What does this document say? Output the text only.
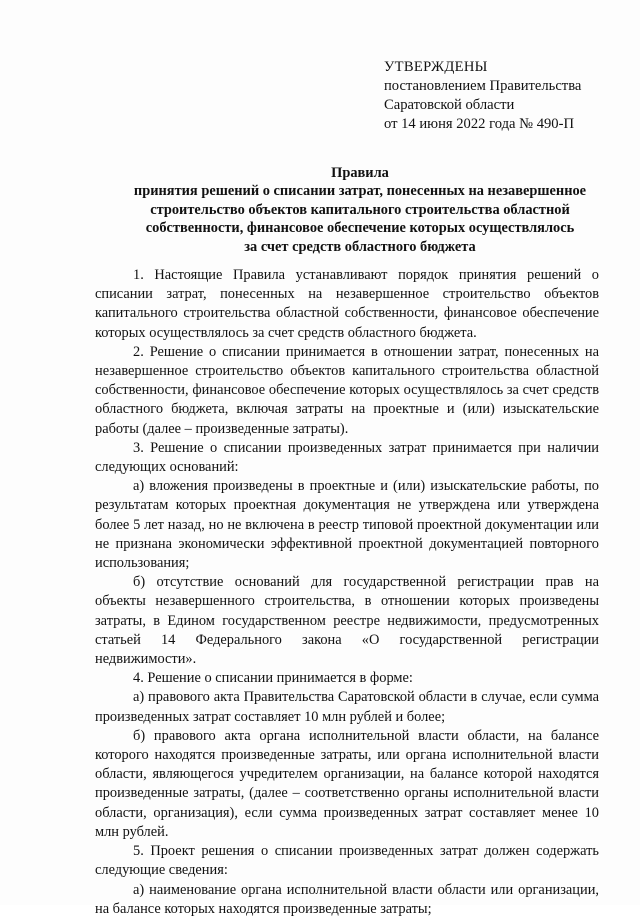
УТВЕРЖДЕНЫ
постановлением Правительства
Саратовской области
от 14 июня 2022 года № 490-П
Правила
принятия решений о списании затрат, понесенных на незавершенное
строительство объектов капитального строительства областной
собственности, финансовое обеспечение которых осуществлялось
за счет средств областного бюджета

1. Настоящие Правила устанавливают порядок принятия решений о списании затрат, понесенных на незавершенное строительство объектов капитального строительства областной собственности, финансовое обеспечение которых осуществлялось за счет средств областного бюджета.

2. Решение о списании принимается в отношении затрат, понесенных на незавершенное строительство объектов капитального строительства областной собственности, финансовое обеспечение которых осуществлялось за счет средств областного бюджета, включая затраты на проектные и (или) изыскательские работы (далее – произведенные затраты).

3. Решение о списании произведенных затрат принимается при наличии следующих оснований:

а) вложения произведены в проектные и (или) изыскательские работы, по результатам которых проектная документация не утверждена или утверждена более 5 лет назад, но не включена в реестр типовой проектной документации или не признана экономически эффективной проектной документацией повторного использования;

б) отсутствие оснований для государственной регистрации прав на объекты незавершенного строительства, в отношении которых произведены затраты, в Едином государственном реестре недвижимости, предусмотренных статьей 14 Федерального закона «О государственной регистрации недвижимости».

4. Решение о списании принимается в форме:

а) правового акта Правительства Саратовской области в случае, если сумма произведенных затрат составляет 10 млн рублей и более;

б) правового акта органа исполнительной власти области, на балансе которого находятся произведенные затраты, или органа исполнительной власти области, являющегося учредителем организации, на балансе которой находятся произведенные затраты, (далее – соответственно органы исполнительной власти области, организация), если сумма произведенных затрат составляет менее 10 млн рублей.

5. Проект решения о списании произведенных затрат должен содержать следующие сведения:

а) наименование органа исполнительной власти области или организации, на балансе которых находятся произведенные затраты;
